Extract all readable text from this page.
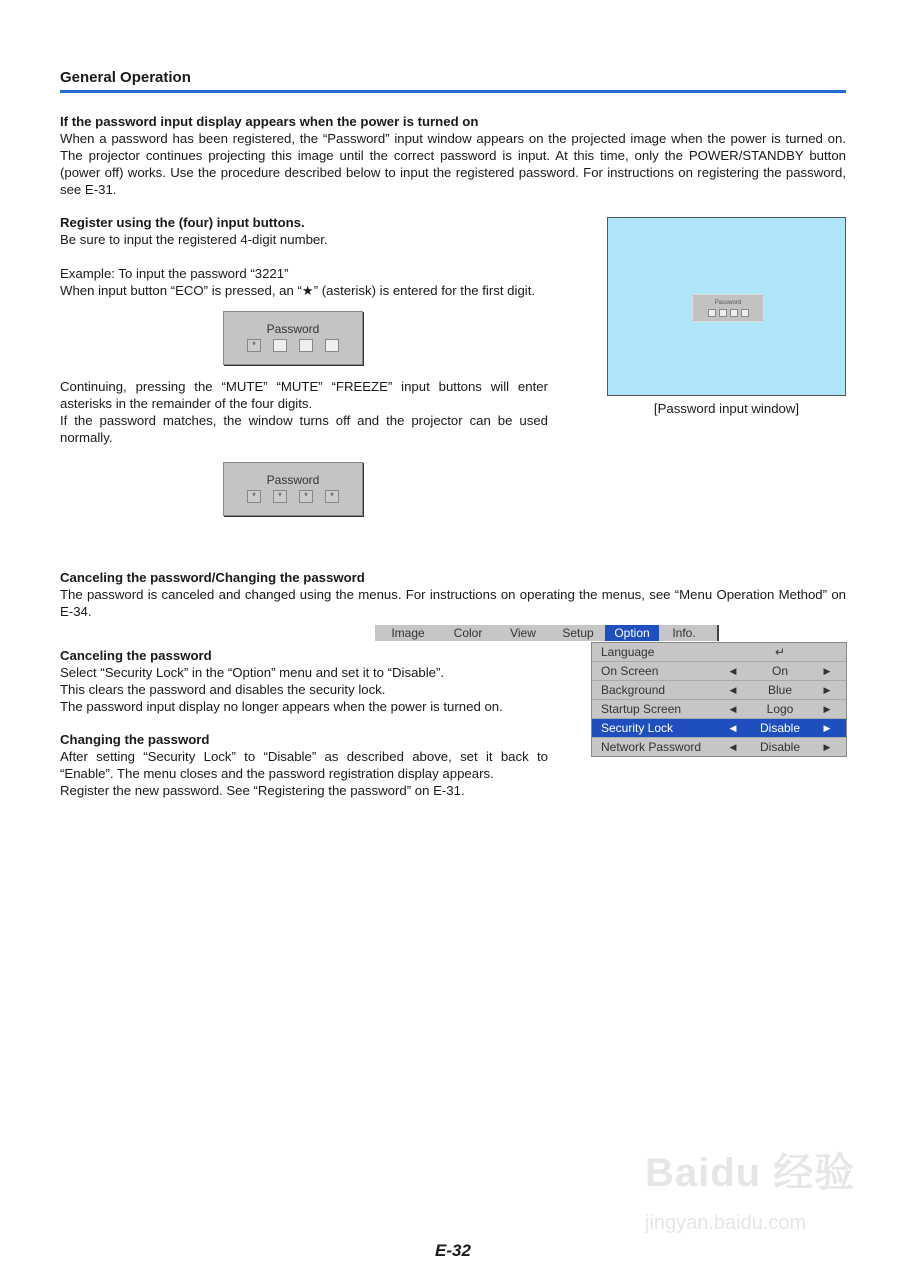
General Operation
If the password input display appears when the power is turned on
When a password has been registered, the “Password” input window appears on the projected image when the power is turned on. The projector continues projecting this image until the correct password is input. At this time, only the POWER/STANDBY button (power off) works. Use the procedure described below to input the registered password. For instructions on registering the password, see E-31.
Register using the (four) input buttons.
Be sure to input the registered 4-digit number.
Example: To input the password “3221”
When input button “ECO” is pressed, an “★” (asterisk) is entered for the first digit.
Password
*
Continuing, pressing the “MUTE” “MUTE” “FREEZE” input buttons will enter asterisks in the remainder of the four digits.
If the password matches, the window turns off and the projector can be used normally.
Password
*	*	*	*
Password
[Password input window]
Canceling the password/Changing the password
The password is canceled and changed using the menus. For instructions on operating the menus, see “Menu Operation Method” on E-34.
Canceling the password
Select “Security Lock” in the “Option” menu and set it to “Disable”.
This clears the password and disables the security lock.
The password input display no longer appears when the power is turned on.
Changing the password
After setting “Security Lock” to “Disable” as described above, set it back to “Enable”. The menu closes and the password registration display appears.
Register the new password. See “Registering the password” on E-31.
Image	Color	View	Setup	Option	Info.
Language	↵
On Screen	◀	On	▶
Background	◀	Blue	▶
Startup Screen	◀	Logo	▶
Security Lock	◀	Disable	▶
Network Password	◀	Disable	▶
Baidu 经验
jingyan.baidu.com
E-32
